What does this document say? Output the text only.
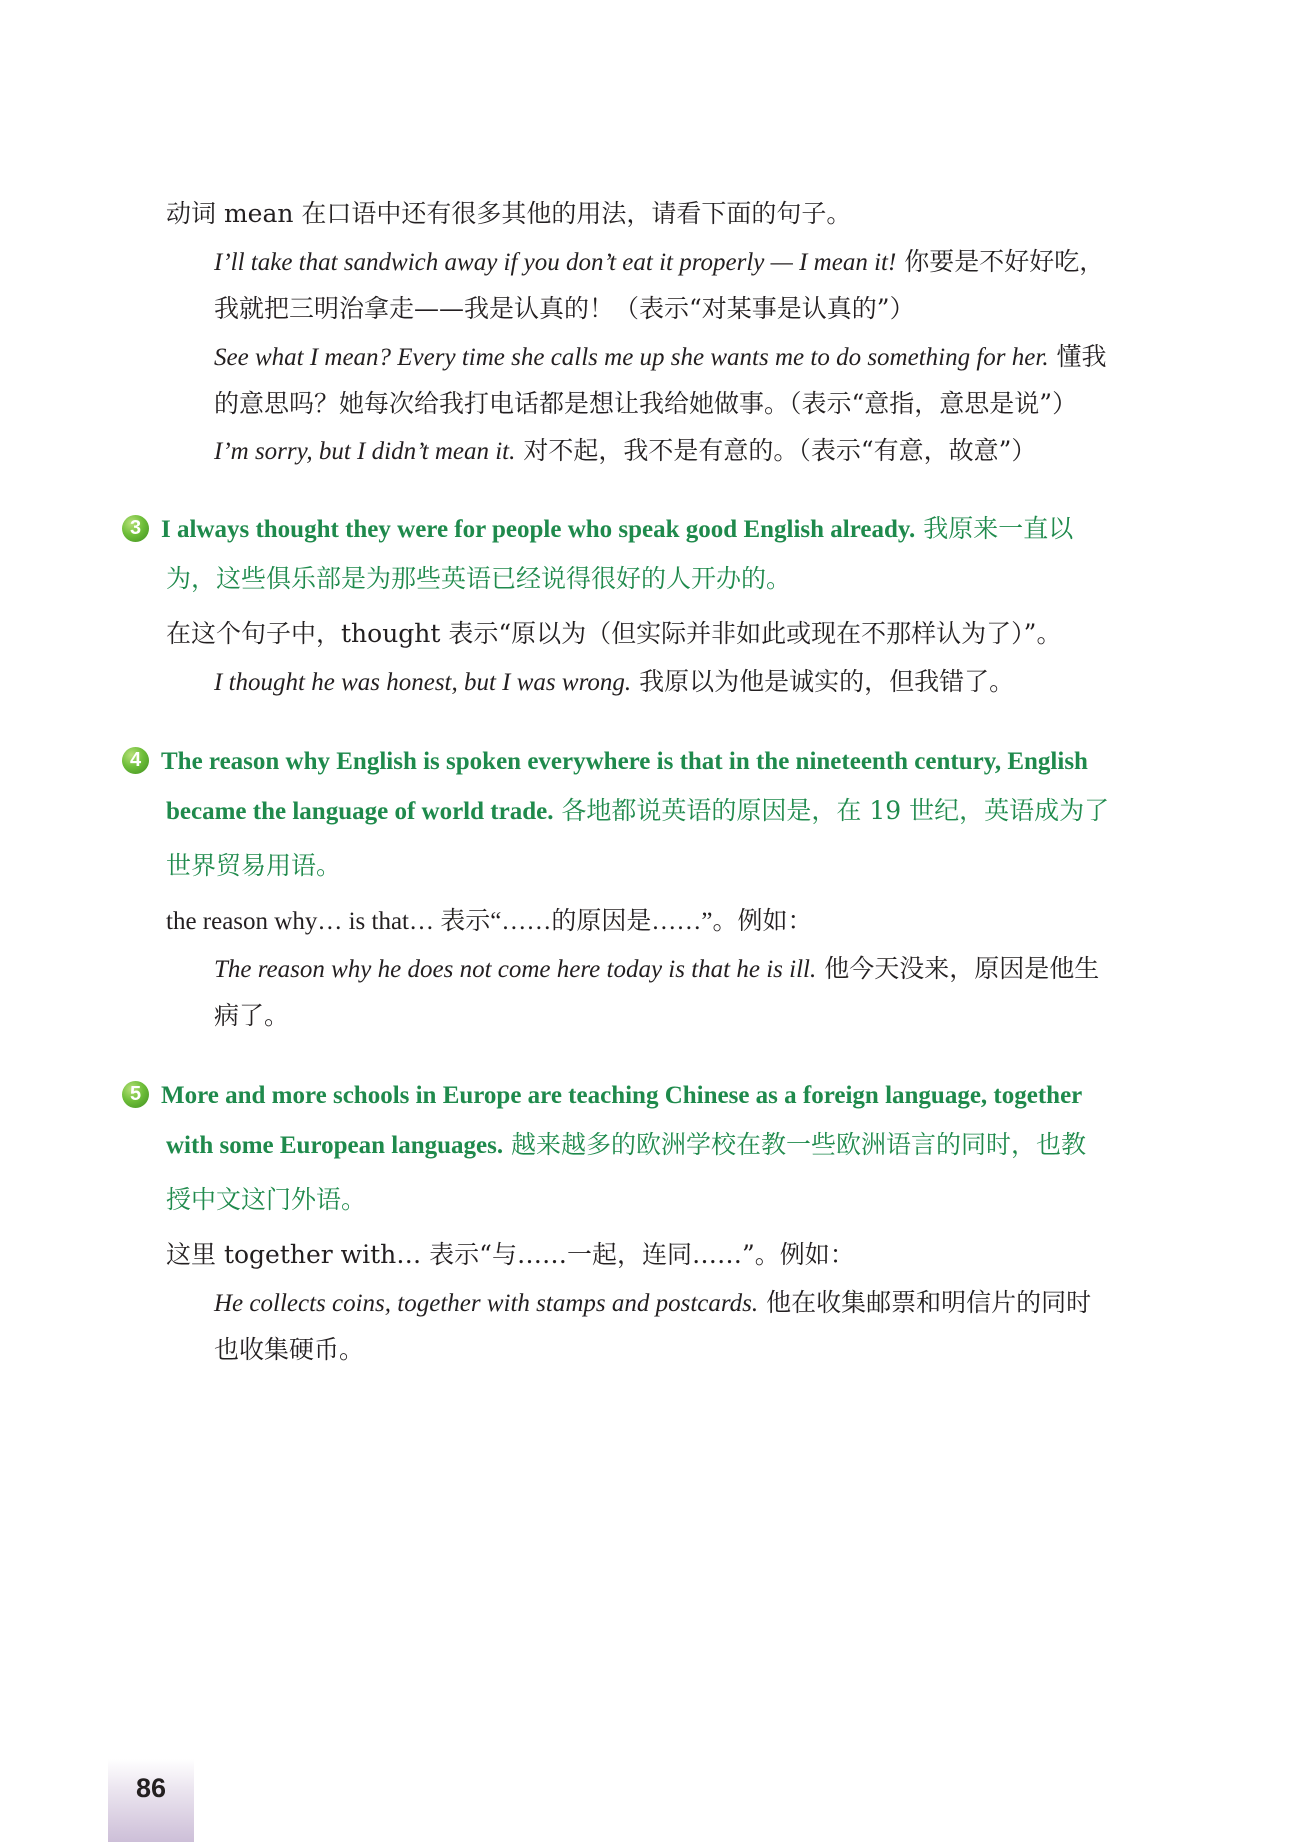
动词 mean 在口语中还有很多其他的用法，请看下面的句子。
I’ll take that sandwich away if you don’t eat it properly — I mean it! 你要是不好好吃，
我就把三明治拿走——我是认真的！（表示“对某事是认真的”）
See what I mean? Every time she calls me up she wants me to do something for her. 懂我
的意思吗？她每次给我打电话都是想让我给她做事。（表示“意指，意思是说”）
I’m sorry, but I didn’t mean it. 对不起，我不是有意的。（表示“有意，故意”）
3 I always thought they were for people who speak good English already. 我原来一直以
为，这些俱乐部是为那些英语已经说得很好的人开办的。
在这个句子中，thought 表示“原以为（但实际并非如此或现在不那样认为了）”。
I thought he was honest, but I was wrong. 我原以为他是诚实的，但我错了。
4 The reason why English is spoken everywhere is that in the nineteenth century, English
became the language of world trade. 各地都说英语的原因是，在 19 世纪，英语成为了
世界贸易用语。
the reason why… is that… 表示“……的原因是……”。例如：
The reason why he does not come here today is that he is ill. 他今天没来，原因是他生
病了。
5 More and more schools in Europe are teaching Chinese as a foreign language, together
with some European languages. 越来越多的欧洲学校在教一些欧洲语言的同时，也教
授中文这门外语。
这里 together with… 表示“与……一起，连同……”。例如：
He collects coins, together with stamps and postcards. 他在收集邮票和明信片的同时
也收集硬币。
86
